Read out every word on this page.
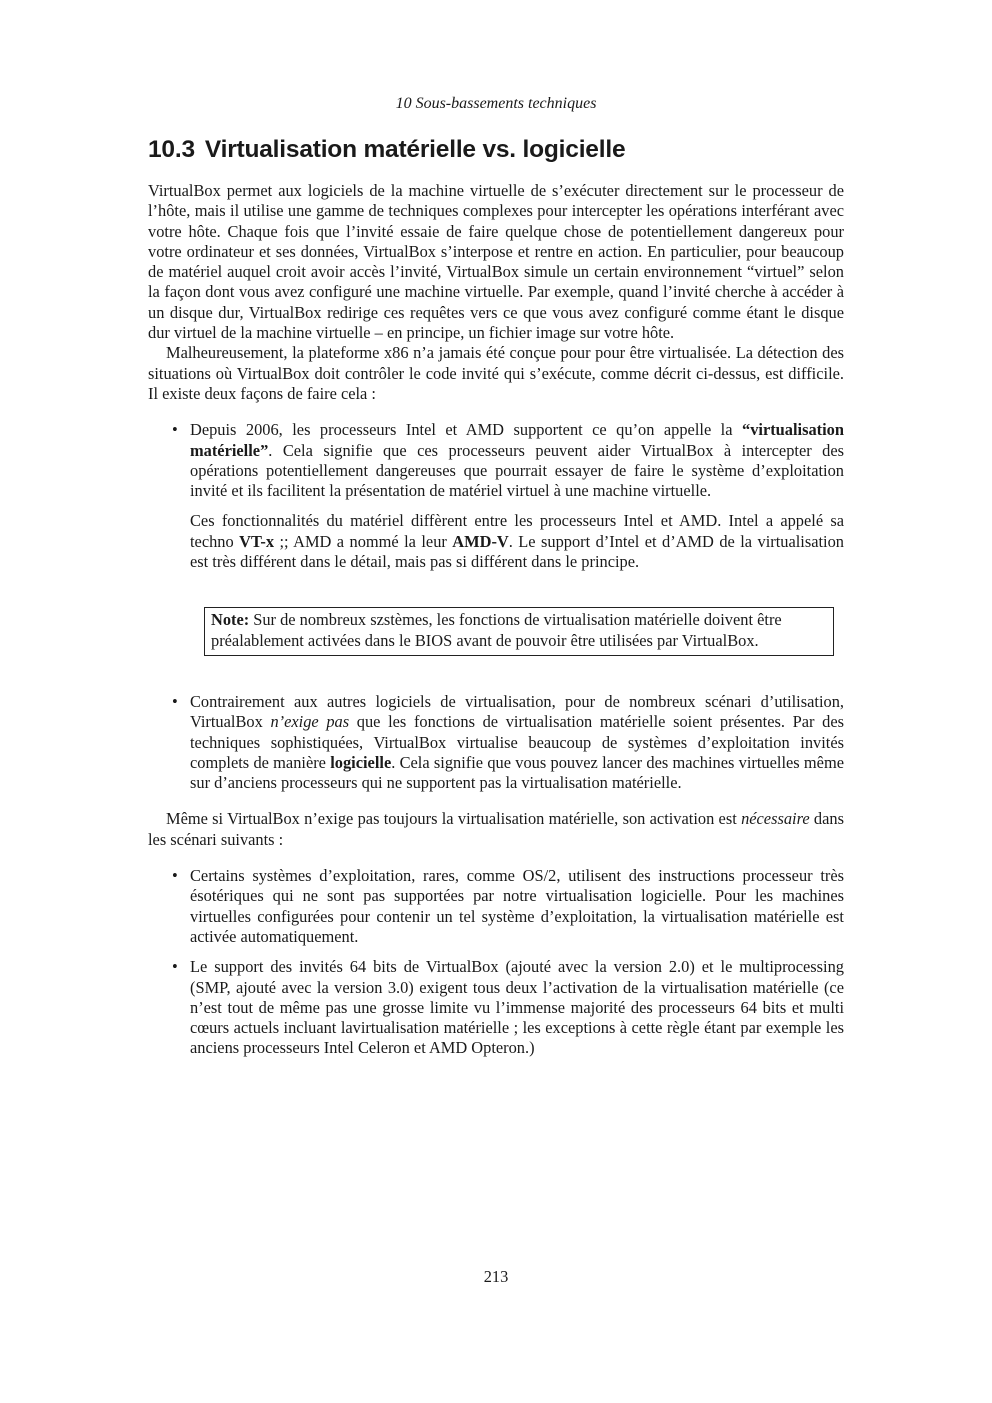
10 Sous-bassements techniques
10.3 Virtualisation matérielle vs. logicielle

VirtualBox permet aux logiciels de la machine virtuelle de s’exécuter directement sur le processeur de l’hôte, mais il utilise une gamme de techniques complexes pour intercepter les opérations interférant avec votre hôte. Chaque fois que l’invité essaie de faire quelque chose de potentiellement dangereux pour votre ordinateur et ses données, VirtualBox s’interpose et rentre en action. En particulier, pour beaucoup de matériel auquel croit avoir accès l’invité, VirtualBox simule un certain environnement “virtuel” selon la façon dont vous avez configuré une machine virtuelle. Par exemple, quand l’invité cherche à accéder à un disque dur, VirtualBox redirige ces requêtes vers ce que vous avez configuré comme étant le disque dur virtuel de la machine virtuelle – en principe, un fichier image sur votre hôte.

Malheureusement, la plateforme x86 n’a jamais été conçue pour pour être virtualisée. La détection des situations où VirtualBox doit contrôler le code invité qui s’exécute, comme décrit ci-dessus, est difficile. Il existe deux façons de faire cela :

• Depuis 2006, les processeurs Intel et AMD supportent ce qu’on appelle la “virtualisation matérielle”. Cela signifie que ces processeurs peuvent aider VirtualBox à intercepter des opérations potentiellement dangereuses que pourrait essayer de faire le système d’exploitation invité et ils facilitent la présentation de matériel virtuel à une machine virtuelle.

Ces fonctionnalités du matériel diffèrent entre les processeurs Intel et AMD. Intel a appelé sa techno VT-x ;; AMD a nommé la leur AMD-V. Le support d’Intel et d’AMD de la virtualisation est très différent dans le détail, mais pas si différent dans le principe.

Note: Sur de nombreux szstèmes, les fonctions de virtualisation matérielle doivent être préalablement activées dans le BIOS avant de pouvoir être utilisées par VirtualBox.
• Contrairement aux autres logiciels de virtualisation, pour de nombreux scénari d’utilisation, VirtualBox n’exige pas que les fonctions de virtualisation matérielle soient présentes. Par des techniques sophistiquées, VirtualBox virtualise beaucoup de systèmes d’exploitation invités complets de manière logicielle. Cela signifie que vous pouvez lancer des machines virtuelles même sur d’anciens processeurs qui ne supportent pas la virtualisation matérielle.

Même si VirtualBox n’exige pas toujours la virtualisation matérielle, son activation est nécessaire dans les scénari suivants :

• Certains systèmes d’exploitation, rares, comme OS/2, utilisent des instructions processeur très ésotériques qui ne sont pas supportées par notre virtualisation logicielle. Pour les machines virtuelles configurées pour contenir un tel système d’exploitation, la virtualisation matérielle est activée automatiquement.

• Le support des invités 64 bits de VirtualBox (ajouté avec la version 2.0) et le multiprocessing (SMP, ajouté avec la version 3.0) exigent tous deux l’activation de la virtualisation matérielle (ce n’est tout de même pas une grosse limite vu l’immense majorité des processeurs 64 bits et multi cœurs actuels incluant lavirtualisation matérielle ; les exceptions à cette règle étant par exemple les anciens processeurs Intel Celeron et AMD Opteron.)

213
